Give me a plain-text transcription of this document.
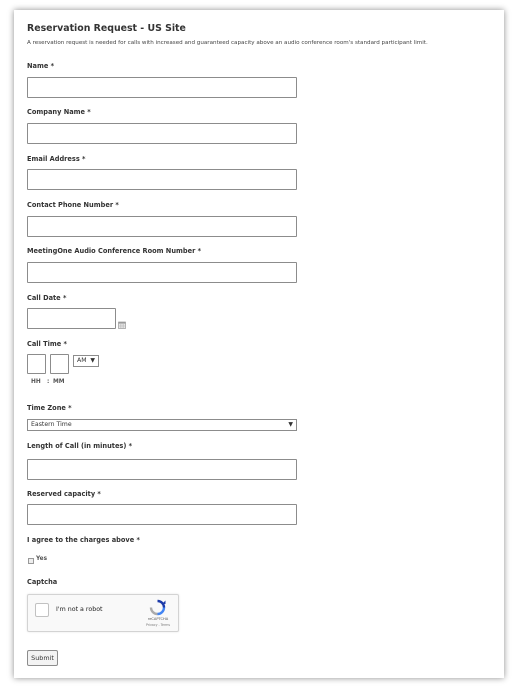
Reservation Request - US Site
A reservation request is needed for calls with increased and guaranteed capacity above an audio conference room's standard participant limit.
Name *
Company Name *
Email Address *
Contact Phone Number *
MeetingOne Audio Conference Room Number *
Call Date *
Call Time *
AM ▼
HH : MM
Time Zone *
Eastern Time	▼
Length of Call (in minutes) *
Reserved capacity *
I agree to the charges above *
Yes
Captcha
I'm not a robot
reCAPTCHA
Privacy - Terms
Submit
